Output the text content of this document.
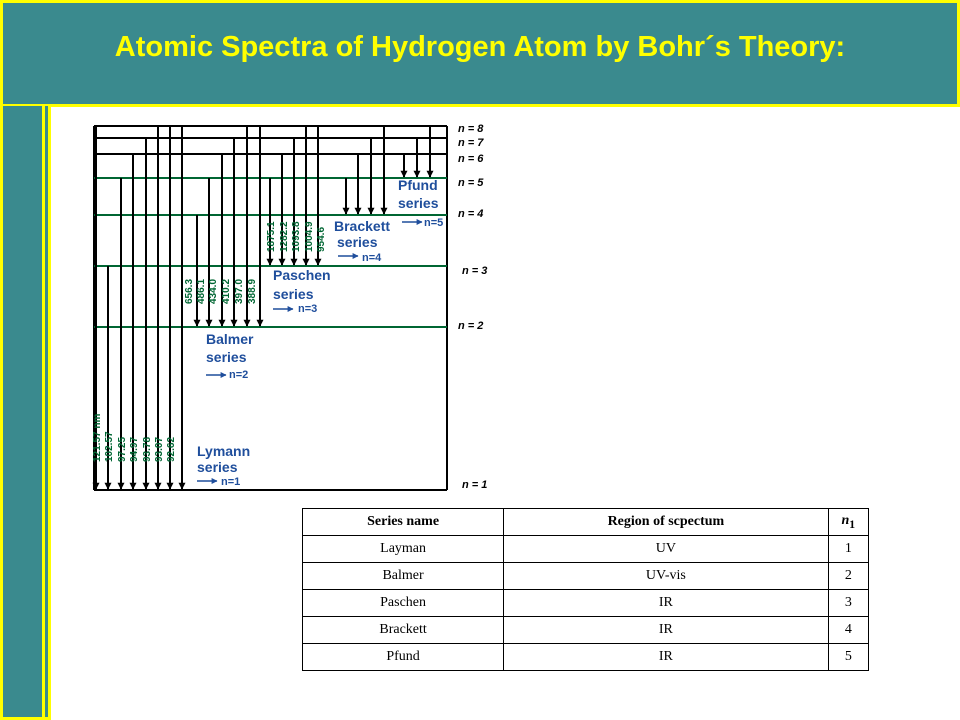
Atomic Spectra of Hydrogen Atom by Bohr´s Theory:
n = 8
n = 7
n = 6
n = 5
n = 4
n = 3
n = 2
n = 1
121.57 nm 102.57 97.25 94.97 93.78 93.07 92.62
656.3 486.1 434.0 410.2 397.0 388.9
1875.1 1282.2 1093.8 1004.9 954.6
Lymann
series
n=1
Balmer
series
n=2
Paschen
series
n=3
Brackett
series
n=4
Pfund
series
n=5
Series name	Region of scpectum	$n_1$
Layman	UV	1
Balmer	UV-vis	2
Paschen	IR	3
Brackett	IR	4
Pfund	IR	5
